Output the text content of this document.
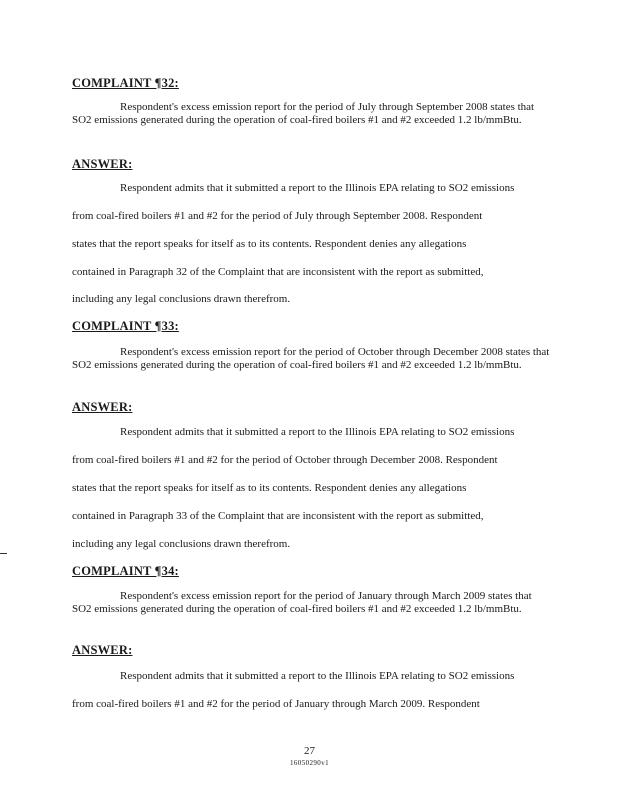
COMPLAINT ¶32:

Respondent's excess emission report for the period of July through September 2008 states that SO2 emissions generated during the operation of coal-fired boilers #1 and #2 exceeded 1.2 lb/mmBtu.

ANSWER:

Respondent admits that it submitted a report to the Illinois EPA relating to SO2 emissions

from coal-fired boilers #1 and #2 for the period of July through September 2008. Respondent

states that the report speaks for itself as to its contents. Respondent denies any allegations

contained in Paragraph 32 of the Complaint that are inconsistent with the report as submitted,

including any legal conclusions drawn therefrom.

COMPLAINT ¶33:

Respondent's excess emission report for the period of October through December 2008 states that SO2 emissions generated during the operation of coal-fired boilers #1 and #2 exceeded 1.2 lb/mmBtu.

ANSWER:

Respondent admits that it submitted a report to the Illinois EPA relating to SO2 emissions

from coal-fired boilers #1 and #2 for the period of October through December 2008. Respondent

states that the report speaks for itself as to its contents. Respondent denies any allegations

contained in Paragraph 33 of the Complaint that are inconsistent with the report as submitted,

including any legal conclusions drawn therefrom.

COMPLAINT ¶34:

Respondent's excess emission report for the period of January through March 2009 states that SO2 emissions generated during the operation of coal-fired boilers #1 and #2 exceeded 1.2 lb/mmBtu.

ANSWER:

Respondent admits that it submitted a report to the Illinois EPA relating to SO2 emissions

from coal-fired boilers #1 and #2 for the period of January through March 2009. Respondent

27

16050290v1
